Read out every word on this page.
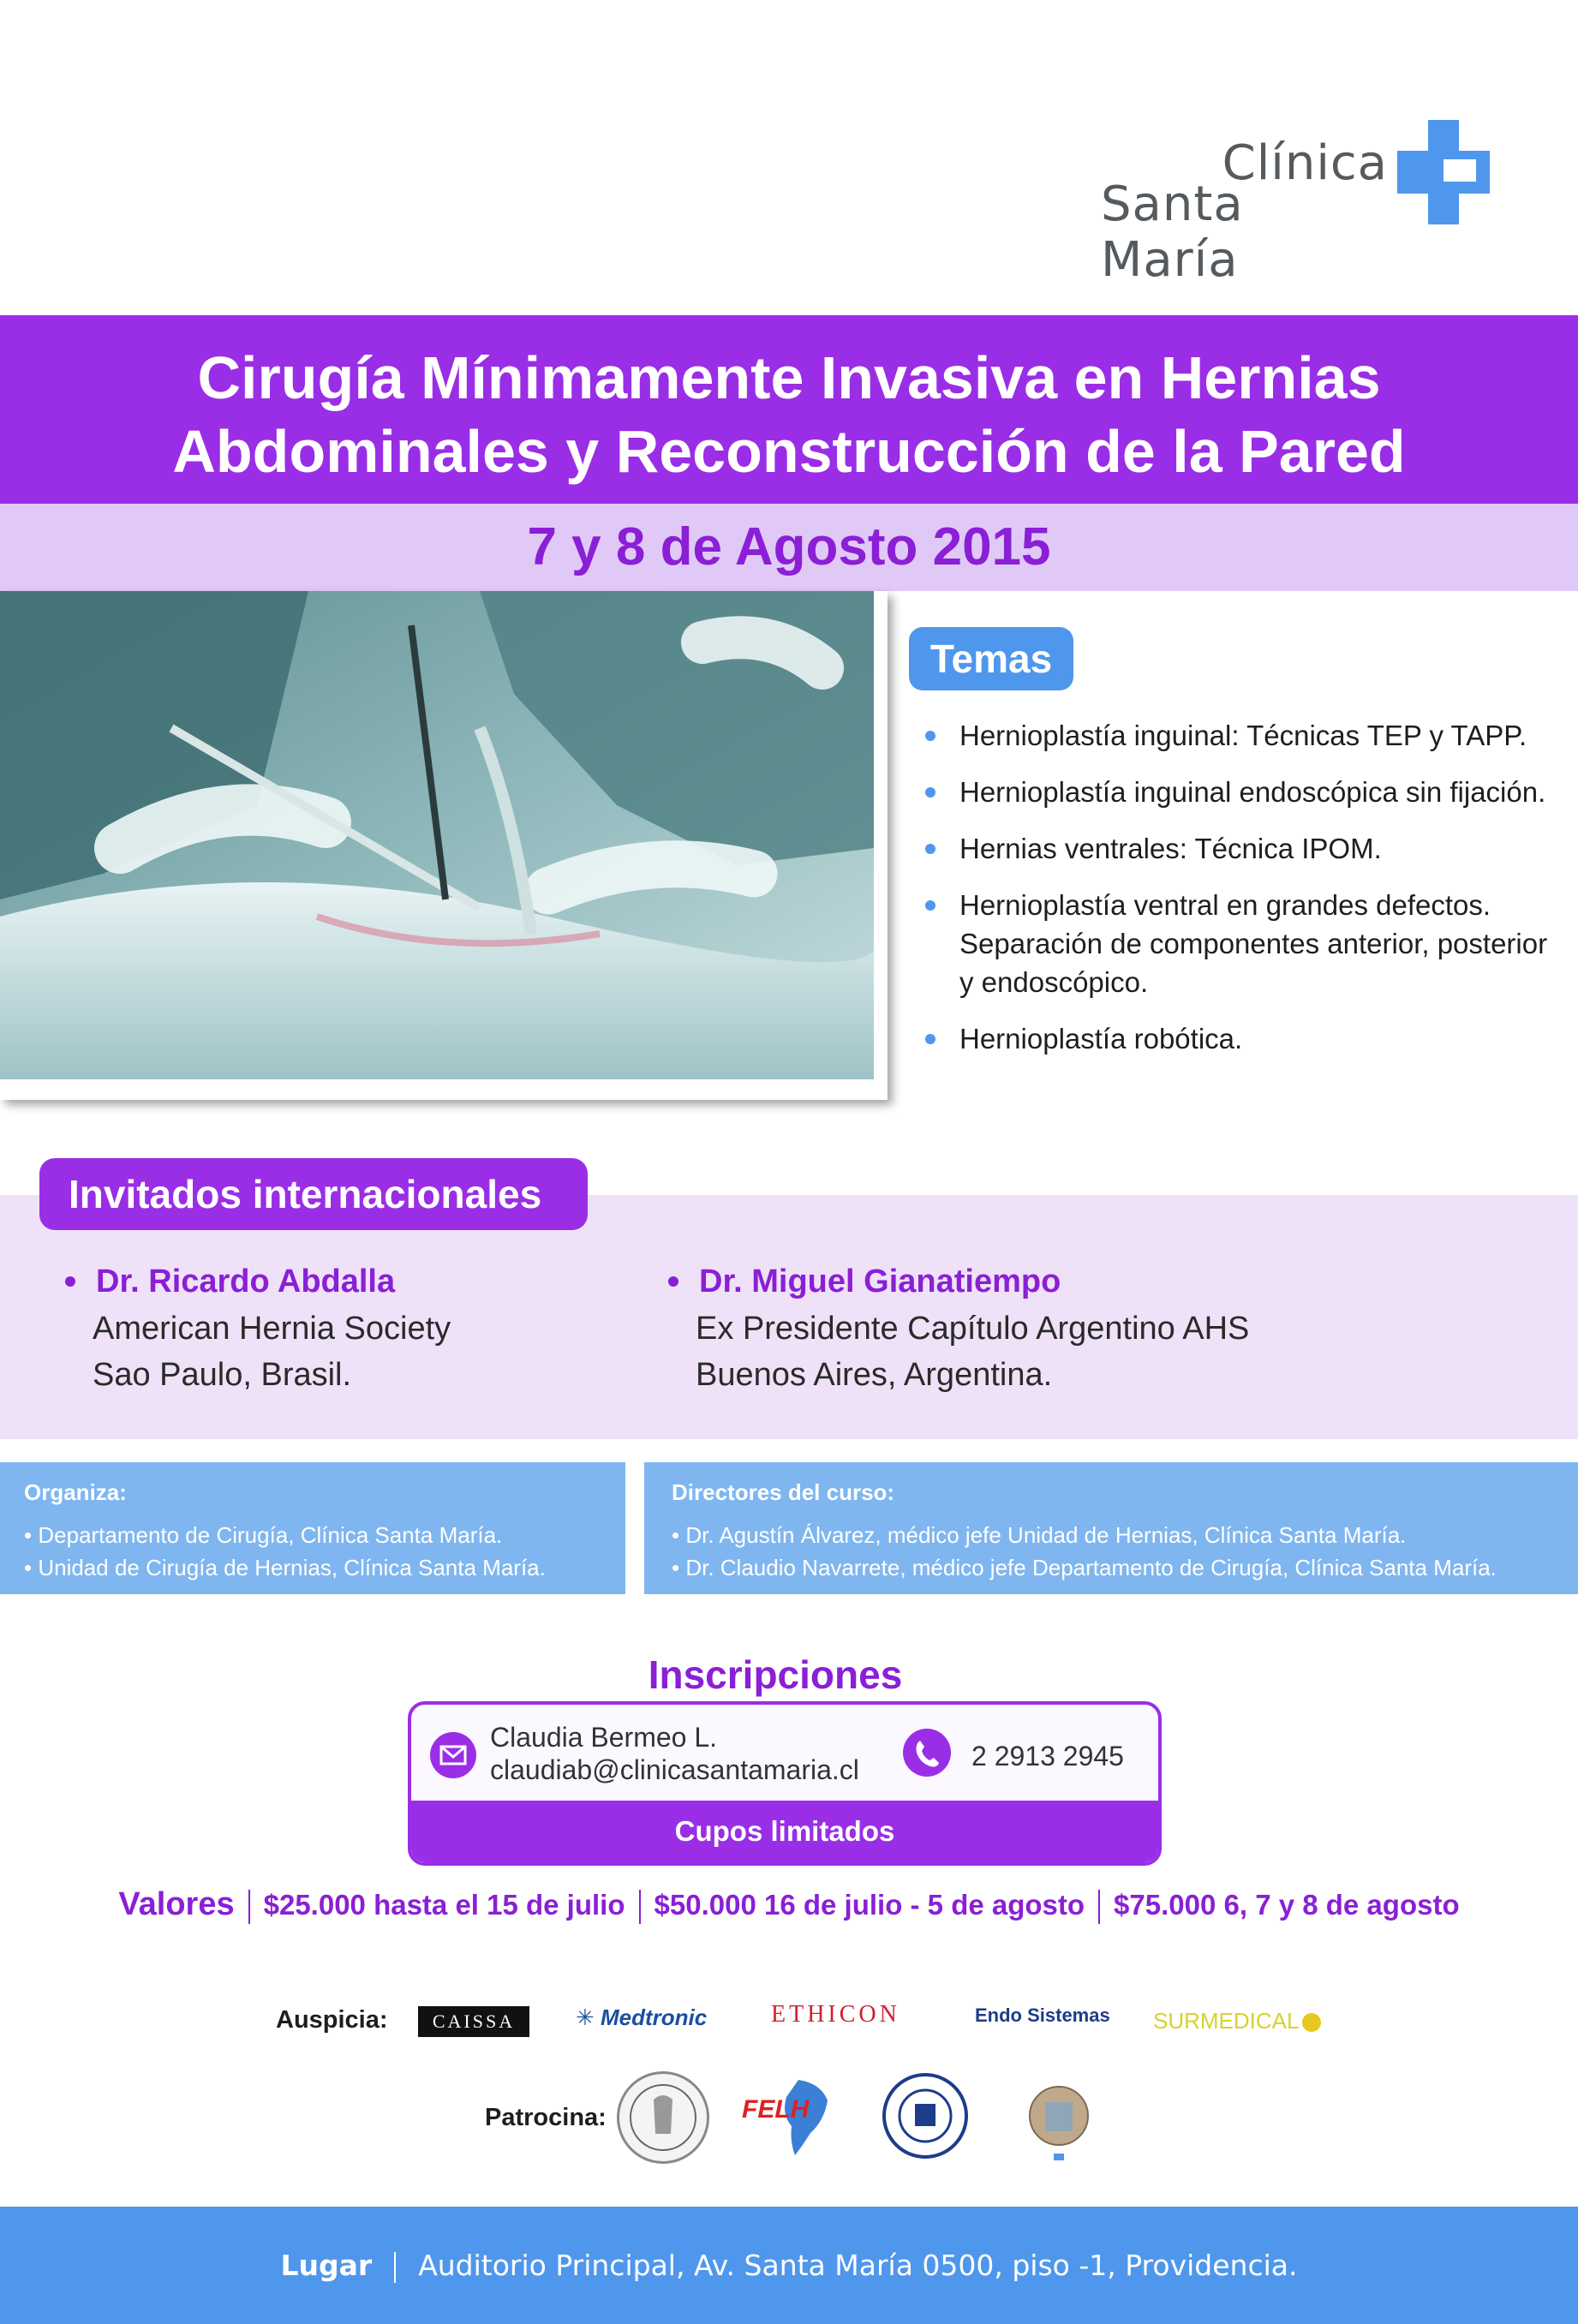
Clínica
Santa María
Cirugía Mínimamente Invasiva en Hernias
Abdominales y Reconstrucción de la Pared
7 y 8 de Agosto 2015
Temas
Hernioplastía inguinal: Técnicas TEP y TAPP.
Hernioplastía inguinal endoscópica sin fijación.
Hernias ventrales: Técnica IPOM.
Hernioplastía ventral en grandes defectos. Separación de componentes anterior, posterior y endoscópico.
Hernioplastía robótica.
Invitados internacionales
Dr. Ricardo Abdalla
American Hernia Society
Sao Paulo, Brasil.
Dr. Miguel Gianatiempo
Ex Presidente Capítulo Argentino AHS
Buenos Aires, Argentina.
Organiza:
• Departamento de Cirugía, Clínica Santa María.
• Unidad de Cirugía de Hernias, Clínica Santa María.
Directores del curso:
• Dr. Agustín Álvarez, médico jefe Unidad de Hernias, Clínica Santa María.
• Dr. Claudio Navarrete, médico jefe Departamento de Cirugía, Clínica Santa María.
Inscripciones
Claudia Bermeo L.
claudiab@clinicasantamaria.cl	2 2913 2945
Cupos limitados
Valores $25.000 hasta el 15 de julio $50.000 16 de julio - 5 de agosto $75.000 6, 7 y 8 de agosto
Auspicia:	CAISSA	✳ Medtronic	ETHICON	Endo Sistemas SURMEDICAL
Patrocina:	FELH
Lugar Auditorio Principal, Av. Santa María 0500, piso -1, Providencia.
